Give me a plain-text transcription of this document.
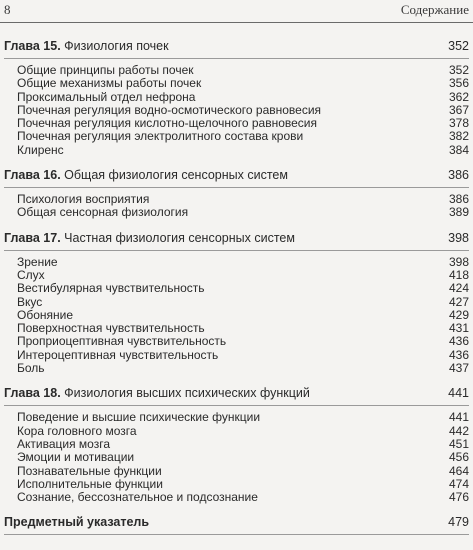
8	Содержание
Глава 15. Физиология почек	352
Общие принципы работы почек	352
Общие механизмы работы почек	356
Проксимальный отдел нефрона	362
Почечная регуляция водно-осмотического равновесия	367
Почечная регуляция кислотно-щелочного равновесия	378
Почечная регуляция электролитного состава крови	382
Клиренс	384
Глава 16. Общая физиология сенсорных систем	386
Психология восприятия	386
Общая сенсорная физиология	389
Глава 17. Частная физиология сенсорных систем	398
Зрение	398
Слух	418
Вестибулярная чувствительность	424
Вкус	427
Обоняние	429
Поверхностная чувствительность	431
Проприоцептивная чувствительность	436
Интероцептивная чувствительность	436
Боль	437
Глава 18. Физиология высших психических функций	441
Поведение и высшие психические функции	441
Кора головного мозга	442
Активация мозга	451
Эмоции и мотивации	456
Познавательные функции	464
Исполнительные функции	474
Сознание, бессознательное и подсознание	476
Предметный указатель	479
